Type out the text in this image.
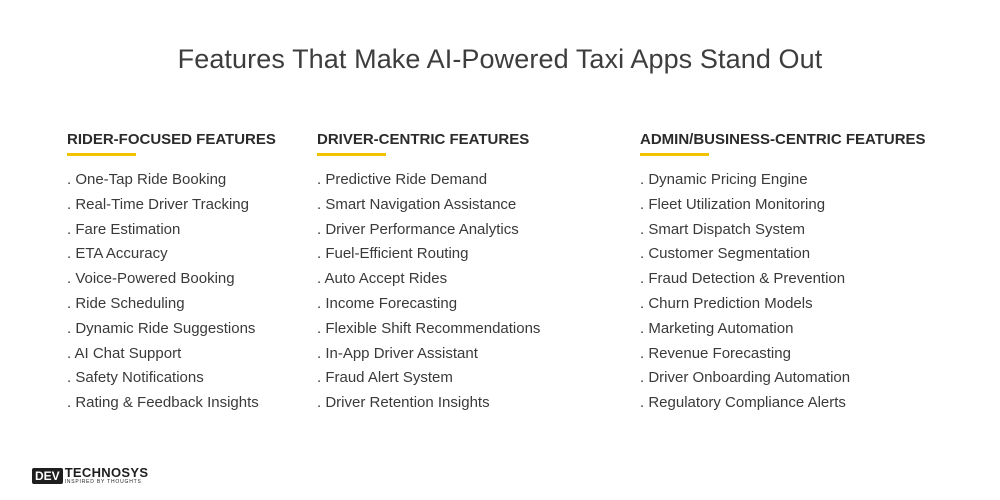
Features That Make AI-Powered Taxi Apps Stand Out
RIDER-FOCUSED FEATURES
. One-Tap Ride Booking
. Real-Time Driver Tracking
. Fare Estimation
. ETA Accuracy
. Voice-Powered Booking
. Ride Scheduling
. Dynamic Ride Suggestions
. AI Chat Support
. Safety Notifications
. Rating & Feedback Insights
DRIVER-CENTRIC FEATURES
. Predictive Ride Demand
. Smart Navigation Assistance
. Driver Performance Analytics
. Fuel-Efficient Routing
. Auto Accept Rides
. Income Forecasting
. Flexible Shift Recommendations
. In-App Driver Assistant
. Fraud Alert System
. Driver Retention Insights
ADMIN/BUSINESS-CENTRIC FEATURES
. Dynamic Pricing Engine
. Fleet Utilization Monitoring
. Smart Dispatch System
. Customer Segmentation
. Fraud Detection & Prevention
. Churn Prediction Models
. Marketing Automation
. Revenue Forecasting
. Driver Onboarding Automation
. Regulatory Compliance Alerts
DEV TECHNOSYS
INSPIRED BY THOUGHTS
